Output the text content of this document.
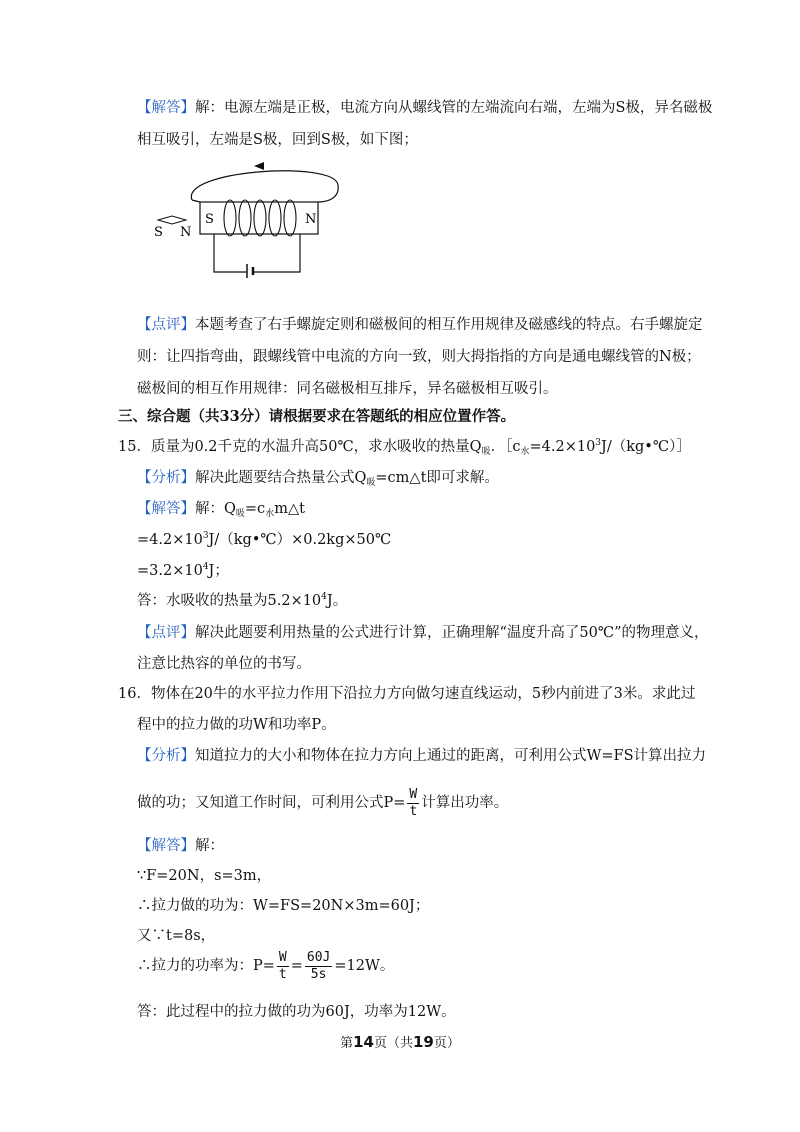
【解答】解：电源左端是正极，电流方向从螺线管的左端流向右端，左端为S极，异名磁极
相互吸引，左端是S极，回到S极，如下图；
S	N
S N
【点评】本题考查了右手螺旋定则和磁极间的相互作用规律及磁感线的特点。右手螺旋定
则：让四指弯曲，跟螺线管中电流的方向一致，则大拇指指的方向是通电螺线管的N极；
磁极间的相互作用规律：同名磁极相互排斥，异名磁极相互吸引。
三、综合题（共33分）请根据要求在答题纸的相应位置作答。
15．质量为0.2千克的水温升高50℃，求水吸收的热量$Q_吸$．$[c_水=4.2\times 10^3J/(kg•℃)]$
【分析】解决此题要结合热量公式$Q_吸=cm\triangle t$即可求解。
【解答】解：$Q_吸=c_水m\triangle t$
$=4.2\times 10^3J/(kg•℃)\times 0.2kg\times 50℃$
$=3.2\times 10^4J$；
答：水吸收的热量为$5.2\times 10^4J$。
【点评】解决此题要利用热量的公式进行计算，正确理解“温度升高了50℃”的物理意义，
注意比热容的单位的书写。
16．物体在20牛的水平拉力作用下沿拉力方向做匀速直线运动，5秒内前进了3米。求此过
程中的拉力做的功W和功率P。
【分析】知道拉力的大小和物体在拉力方向上通过的距离，可利用公式W=FS计算出拉力
做的功；又知道工作时间，可利用公式$P= \frac{W}{t}$ 计算出功率。
【解答】解：
∵F=20N，s=3m，
∴拉力做的功为：W=FS=20N×3m=60J；
又∵t=8s，
∴拉力的功率为：$P= \frac{W}{t} = \frac{60J}{5s} =12W$。
答：此过程中的拉力做的功为60J，功率为12W。
第14页（共19页）
